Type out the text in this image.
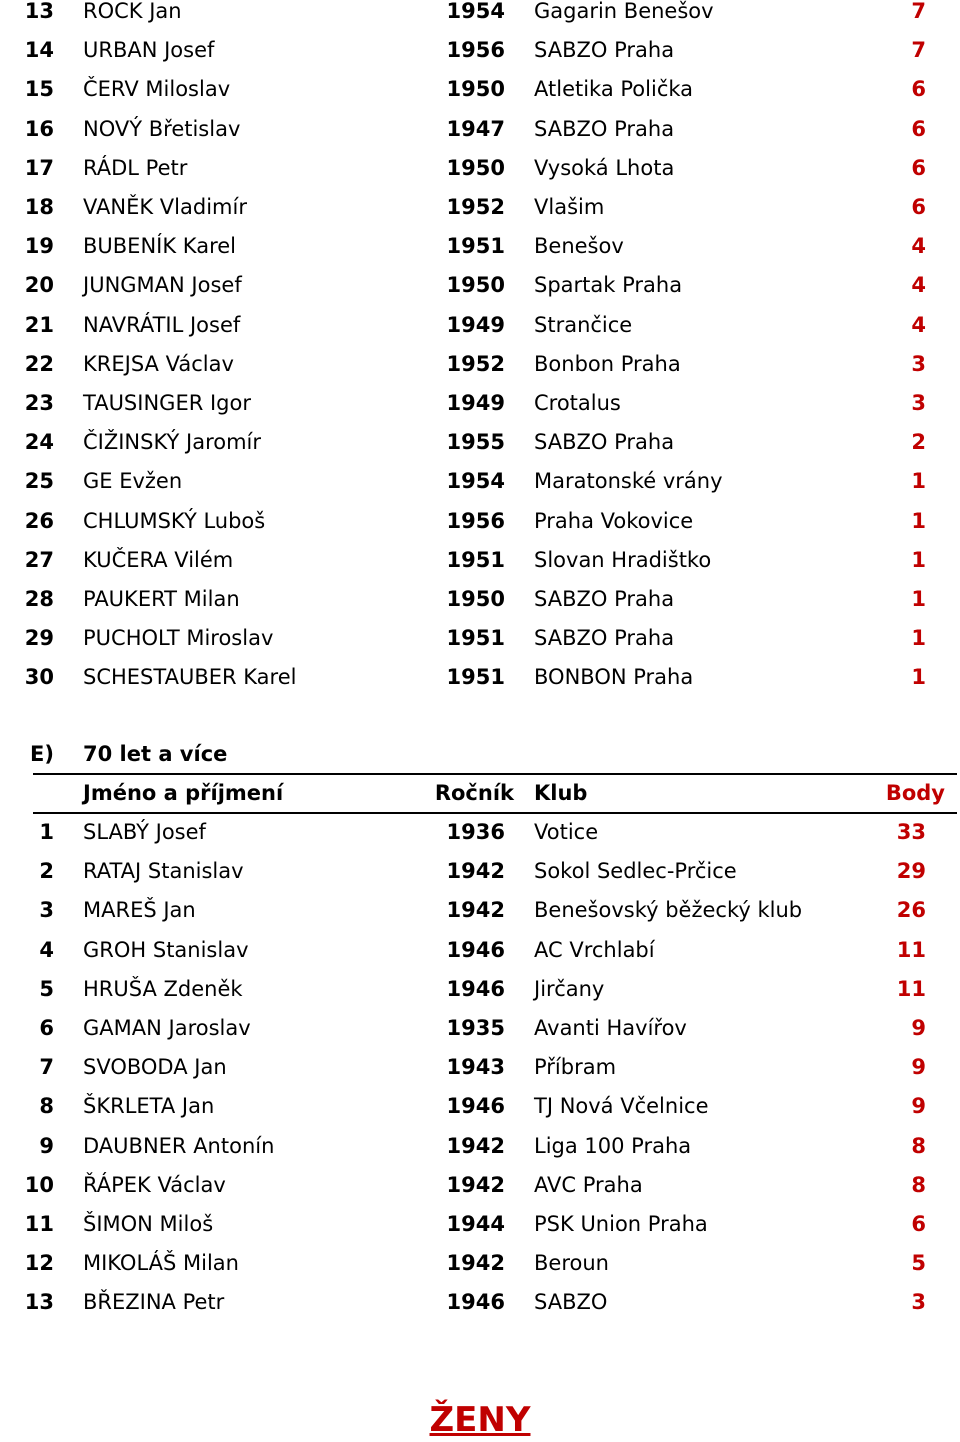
13 ROCK Jan	1954 Gagarin Benešov	7
14 URBAN Josef	1956 SABZO Praha	7
15 ČERV Miloslav	1950 Atletika Polička	6
16 NOVÝ Břetislav	1947 SABZO Praha	6
17 RÁDL Petr	1950 Vysoká Lhota	6
18 VANĚK Vladimír	1952 Vlašim	6
19 BUBENÍK Karel	1951 Benešov	4
20 JUNGMAN Josef	1950 Spartak Praha	4
21 NAVRÁTIL Josef	1949 Strančice	4
22 KREJSA Václav	1952 Bonbon Praha	3
23 TAUSINGER Igor	1949 Crotalus	3
24 ČIŽINSKÝ Jaromír	1955 SABZO Praha	2
25 GE Evžen	1954 Maratonské vrány	1
26 CHLUMSKÝ Luboš	1956 Praha Vokovice	1
27 KUČERA Vilém	1951 Slovan Hradištko	1
28 PAUKERT Milan	1950 SABZO Praha	1
29 PUCHOLT Miroslav	1951 SABZO Praha	1
30 SCHESTAUBER Karel	1951 BONBON Praha	1
E) 70 let a více
Jméno a příjmení	Ročník Klub	Body
1 SLABÝ Josef	1936 Votice	33
2 RATAJ Stanislav	1942 Sokol Sedlec-Prčice	29
3 MAREŠ Jan	1942 Benešovský běžecký klub	26
4 GROH Stanislav	1946 AC Vrchlabí	11
5 HRUŠA Zdeněk	1946 Jirčany	11
6 GAMAN Jaroslav	1935 Avanti Havířov	9
7 SVOBODA Jan	1943 Příbram	9
8 ŠKRLETA Jan	1946 TJ Nová Včelnice	9
9 DAUBNER Antonín	1942 Liga 100 Praha	8
10 ŘÁPEK Václav	1942 AVC Praha	8
11 ŠIMON Miloš	1944 PSK Union Praha	6
12 MIKOLÁŠ Milan	1942 Beroun	5
13 BŘEZINA Petr	1946 SABZO	3
ŽENY
